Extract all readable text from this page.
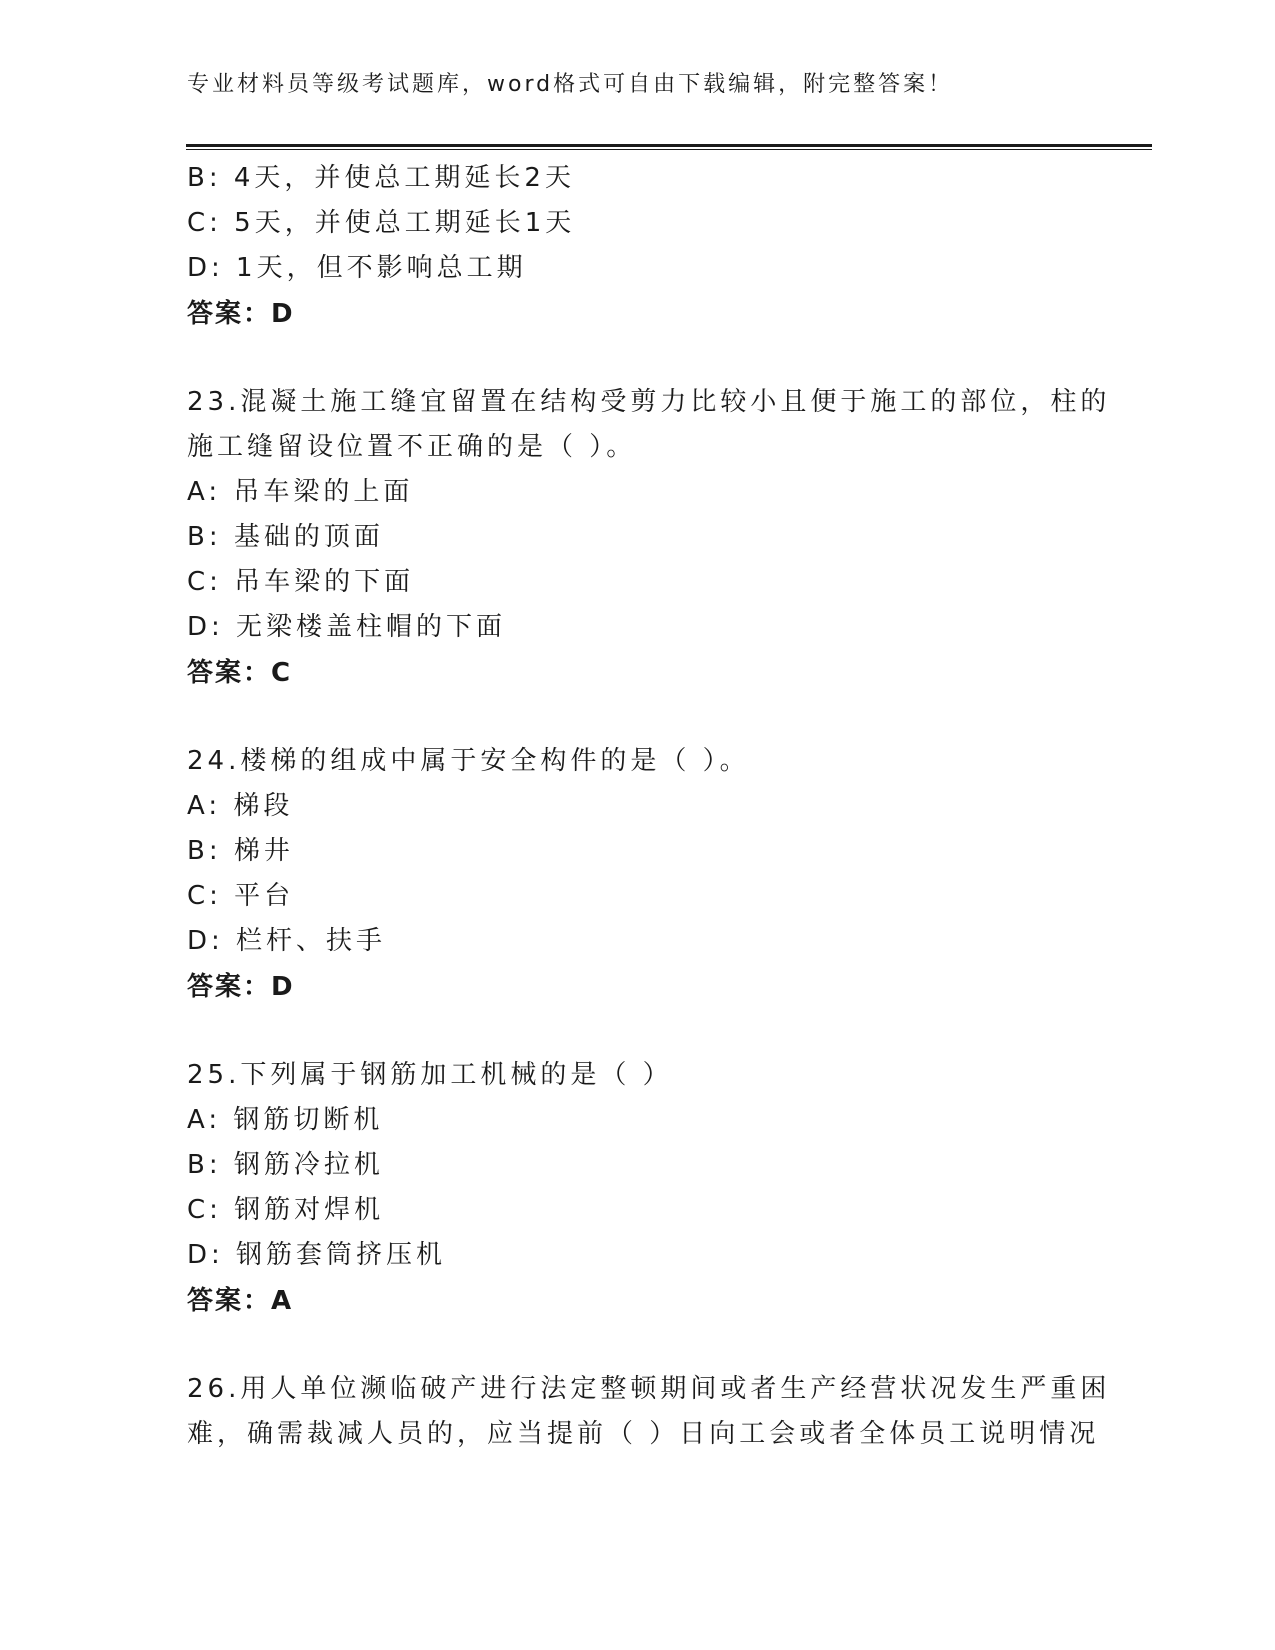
专业材料员等级考试题库，word格式可自由下载编辑，附完整答案！
B: 4天，并使总工期延长2天
C: 5天，并使总工期延长1天
D: 1天，但不影响总工期
答案：D
23.混凝土施工缝宜留置在结构受剪力比较小且便于施工的部位，柱的
施工缝留设位置不正确的是（ ）。
A: 吊车梁的上面
B: 基础的顶面
C: 吊车梁的下面
D: 无梁楼盖柱帽的下面
答案：C
24.楼梯的组成中属于安全构件的是（ ）。
A: 梯段
B: 梯井
C: 平台
D: 栏杆、扶手
答案：D
25.下列属于钢筋加工机械的是（ ）
A: 钢筋切断机
B: 钢筋冷拉机
C: 钢筋对焊机
D: 钢筋套筒挤压机
答案：A
26.用人单位濒临破产进行法定整顿期间或者生产经营状况发生严重困
难，确需裁减人员的，应当提前（ ）日向工会或者全体员工说明情况
